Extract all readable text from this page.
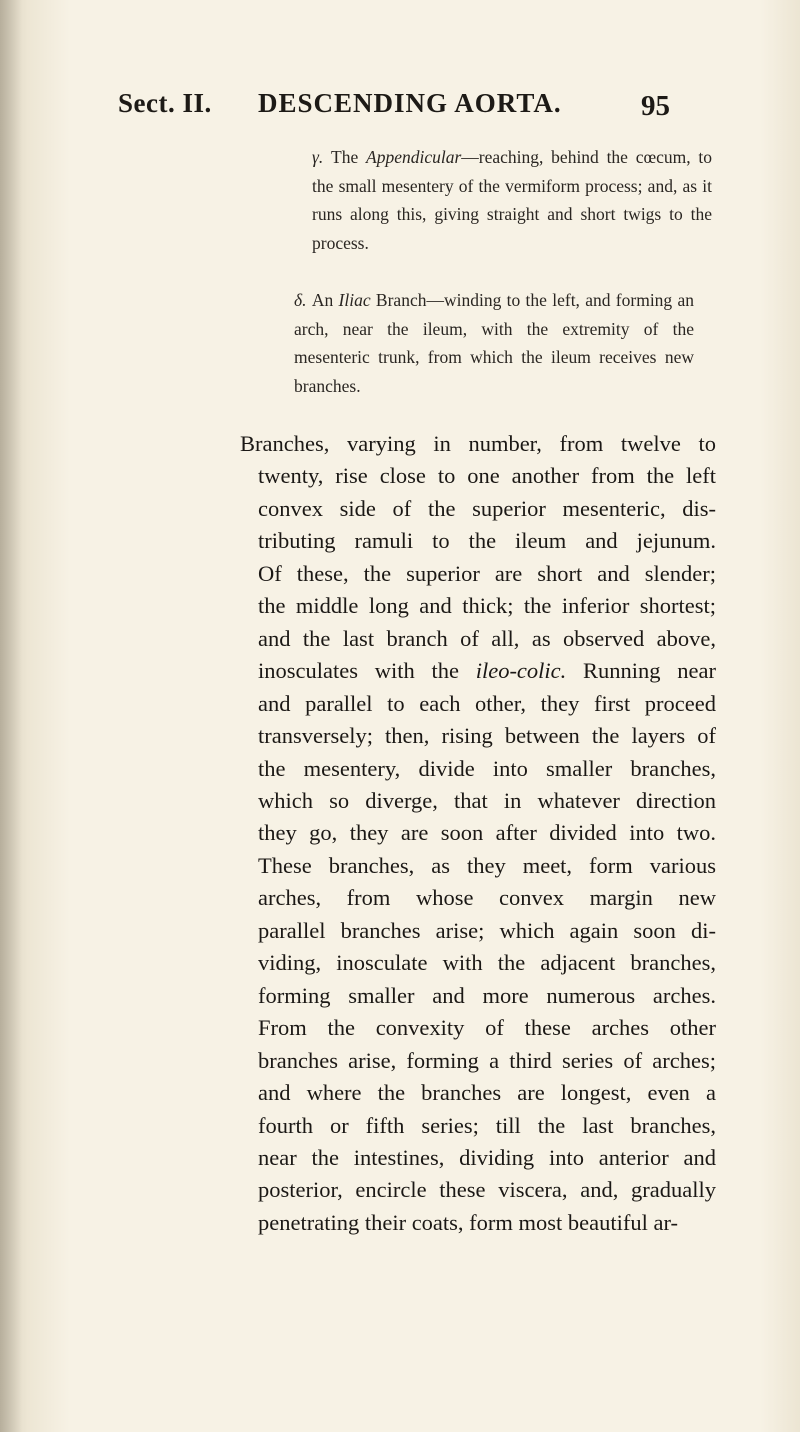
Sect. II. DESCENDING AORTA.	95
γ. The Appendicular—reaching, behind the cœcum, to the small mesentery of the vermiform process; and, as it runs along this, giving straight and short twigs to the process.
δ. An Iliac Branch—winding to the left, and forming an arch, near the ileum, with the extremity of the mesenteric trunk, from which the ileum receives new branches.
Branches, varying in number, from twelve to
twenty, rise close to one another from the left
convex side of the superior mesenteric, dis-
tributing ramuli to the ileum and jejunum.
Of these, the superior are short and slender;
the middle long and thick; the inferior shortest;
and the last branch of all, as observed above,
inosculates with the ileo-colic. Running near
and parallel to each other, they first proceed
transversely; then, rising between the layers of
the mesentery, divide into smaller branches,
which so diverge, that in whatever direction
they go, they are soon after divided into two.
These branches, as they meet, form various
arches, from whose convex margin new
parallel branches arise; which again soon di-
viding, inosculate with the adjacent branches,
forming smaller and more numerous arches.
From the convexity of these arches other
branches arise, forming a third series of arches;
and where the branches are longest, even a
fourth or fifth series; till the last branches,
near the intestines, dividing into anterior and
posterior, encircle these viscera, and, gradually
penetrating their coats, form most beautiful ar-
